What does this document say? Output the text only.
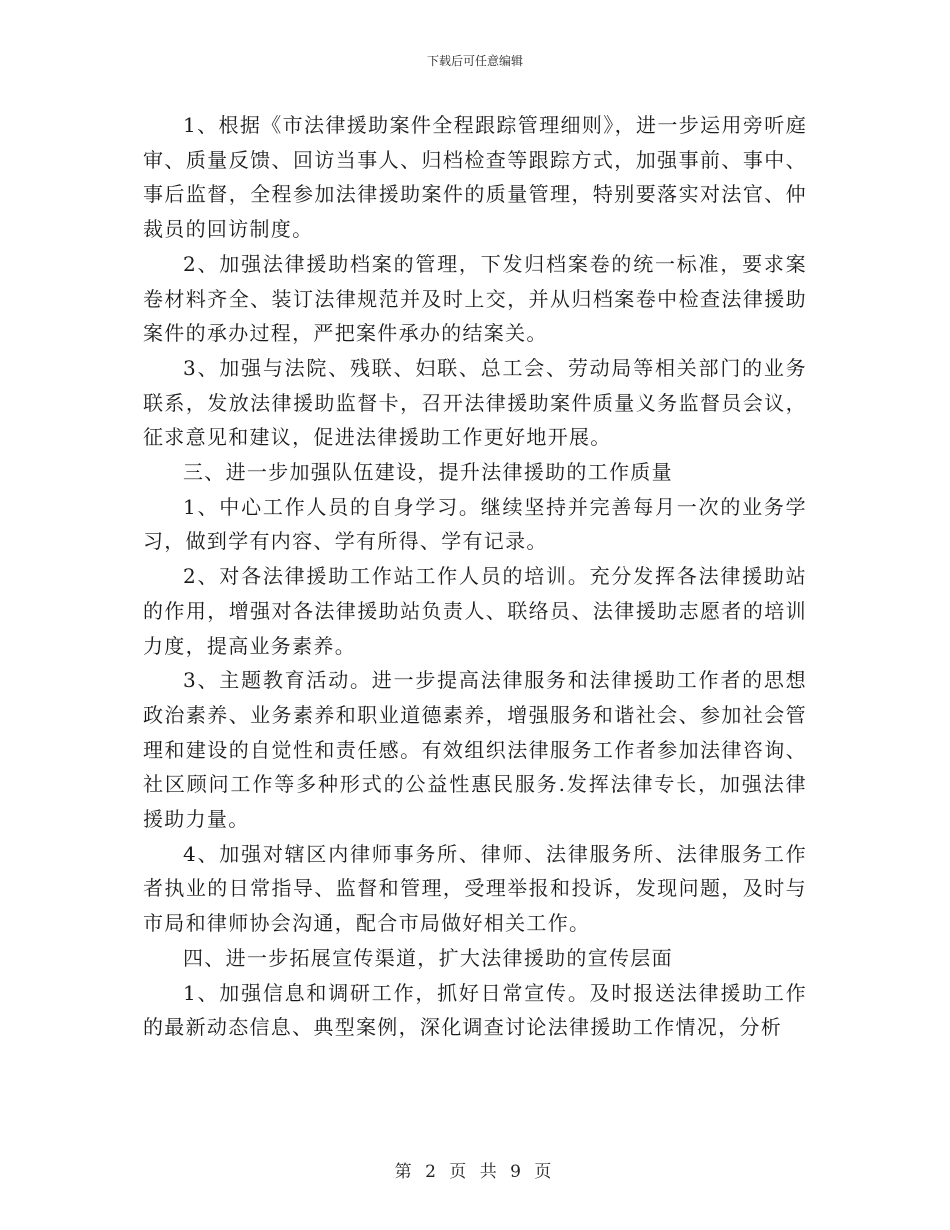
下载后可任意编辑

1、根据《市法律援助案件全程跟踪管理细则》，进一步运用旁听庭审、质量反馈、回访当事人、归档检查等跟踪方式，加强事前、事中、事后监督，全程参加法律援助案件的质量管理，特别要落实对法官、仲裁员的回访制度。

2、加强法律援助档案的管理，下发归档案卷的统一标准，要求案卷材料齐全、装订法律规范并及时上交，并从归档案卷中检查法律援助案件的承办过程，严把案件承办的结案关。

3、加强与法院、残联、妇联、总工会、劳动局等相关部门的业务联系，发放法律援助监督卡，召开法律援助案件质量义务监督员会议，征求意见和建议，促进法律援助工作更好地开展。

三、进一步加强队伍建设，提升法律援助的工作质量

1、中心工作人员的自身学习。继续坚持并完善每月一次的业务学习，做到学有内容、学有所得、学有记录。

2、对各法律援助工作站工作人员的培训。充分发挥各法律援助站的作用，增强对各法律援助站负责人、联络员、法律援助志愿者的培训力度，提高业务素养。

3、主题教育活动。进一步提高法律服务和法律援助工作者的思想政治素养、业务素养和职业道德素养，增强服务和谐社会、参加社会管理和建设的自觉性和责任感。有效组织法律服务工作者参加法律咨询、社区顾问工作等多种形式的公益性惠民服务.发挥法律专长，加强法律援助力量。

4、加强对辖区内律师事务所、律师、法律服务所、法律服务工作者执业的日常指导、监督和管理，受理举报和投诉，发现问题，及时与市局和律师协会沟通，配合市局做好相关工作。

四、进一步拓展宣传渠道，扩大法律援助的宣传层面

1、加强信息和调研工作，抓好日常宣传。及时报送法律援助工作的最新动态信息、典型案例，深化调查讨论法律援助工作情况，分析

第 2 页 共 9 页
